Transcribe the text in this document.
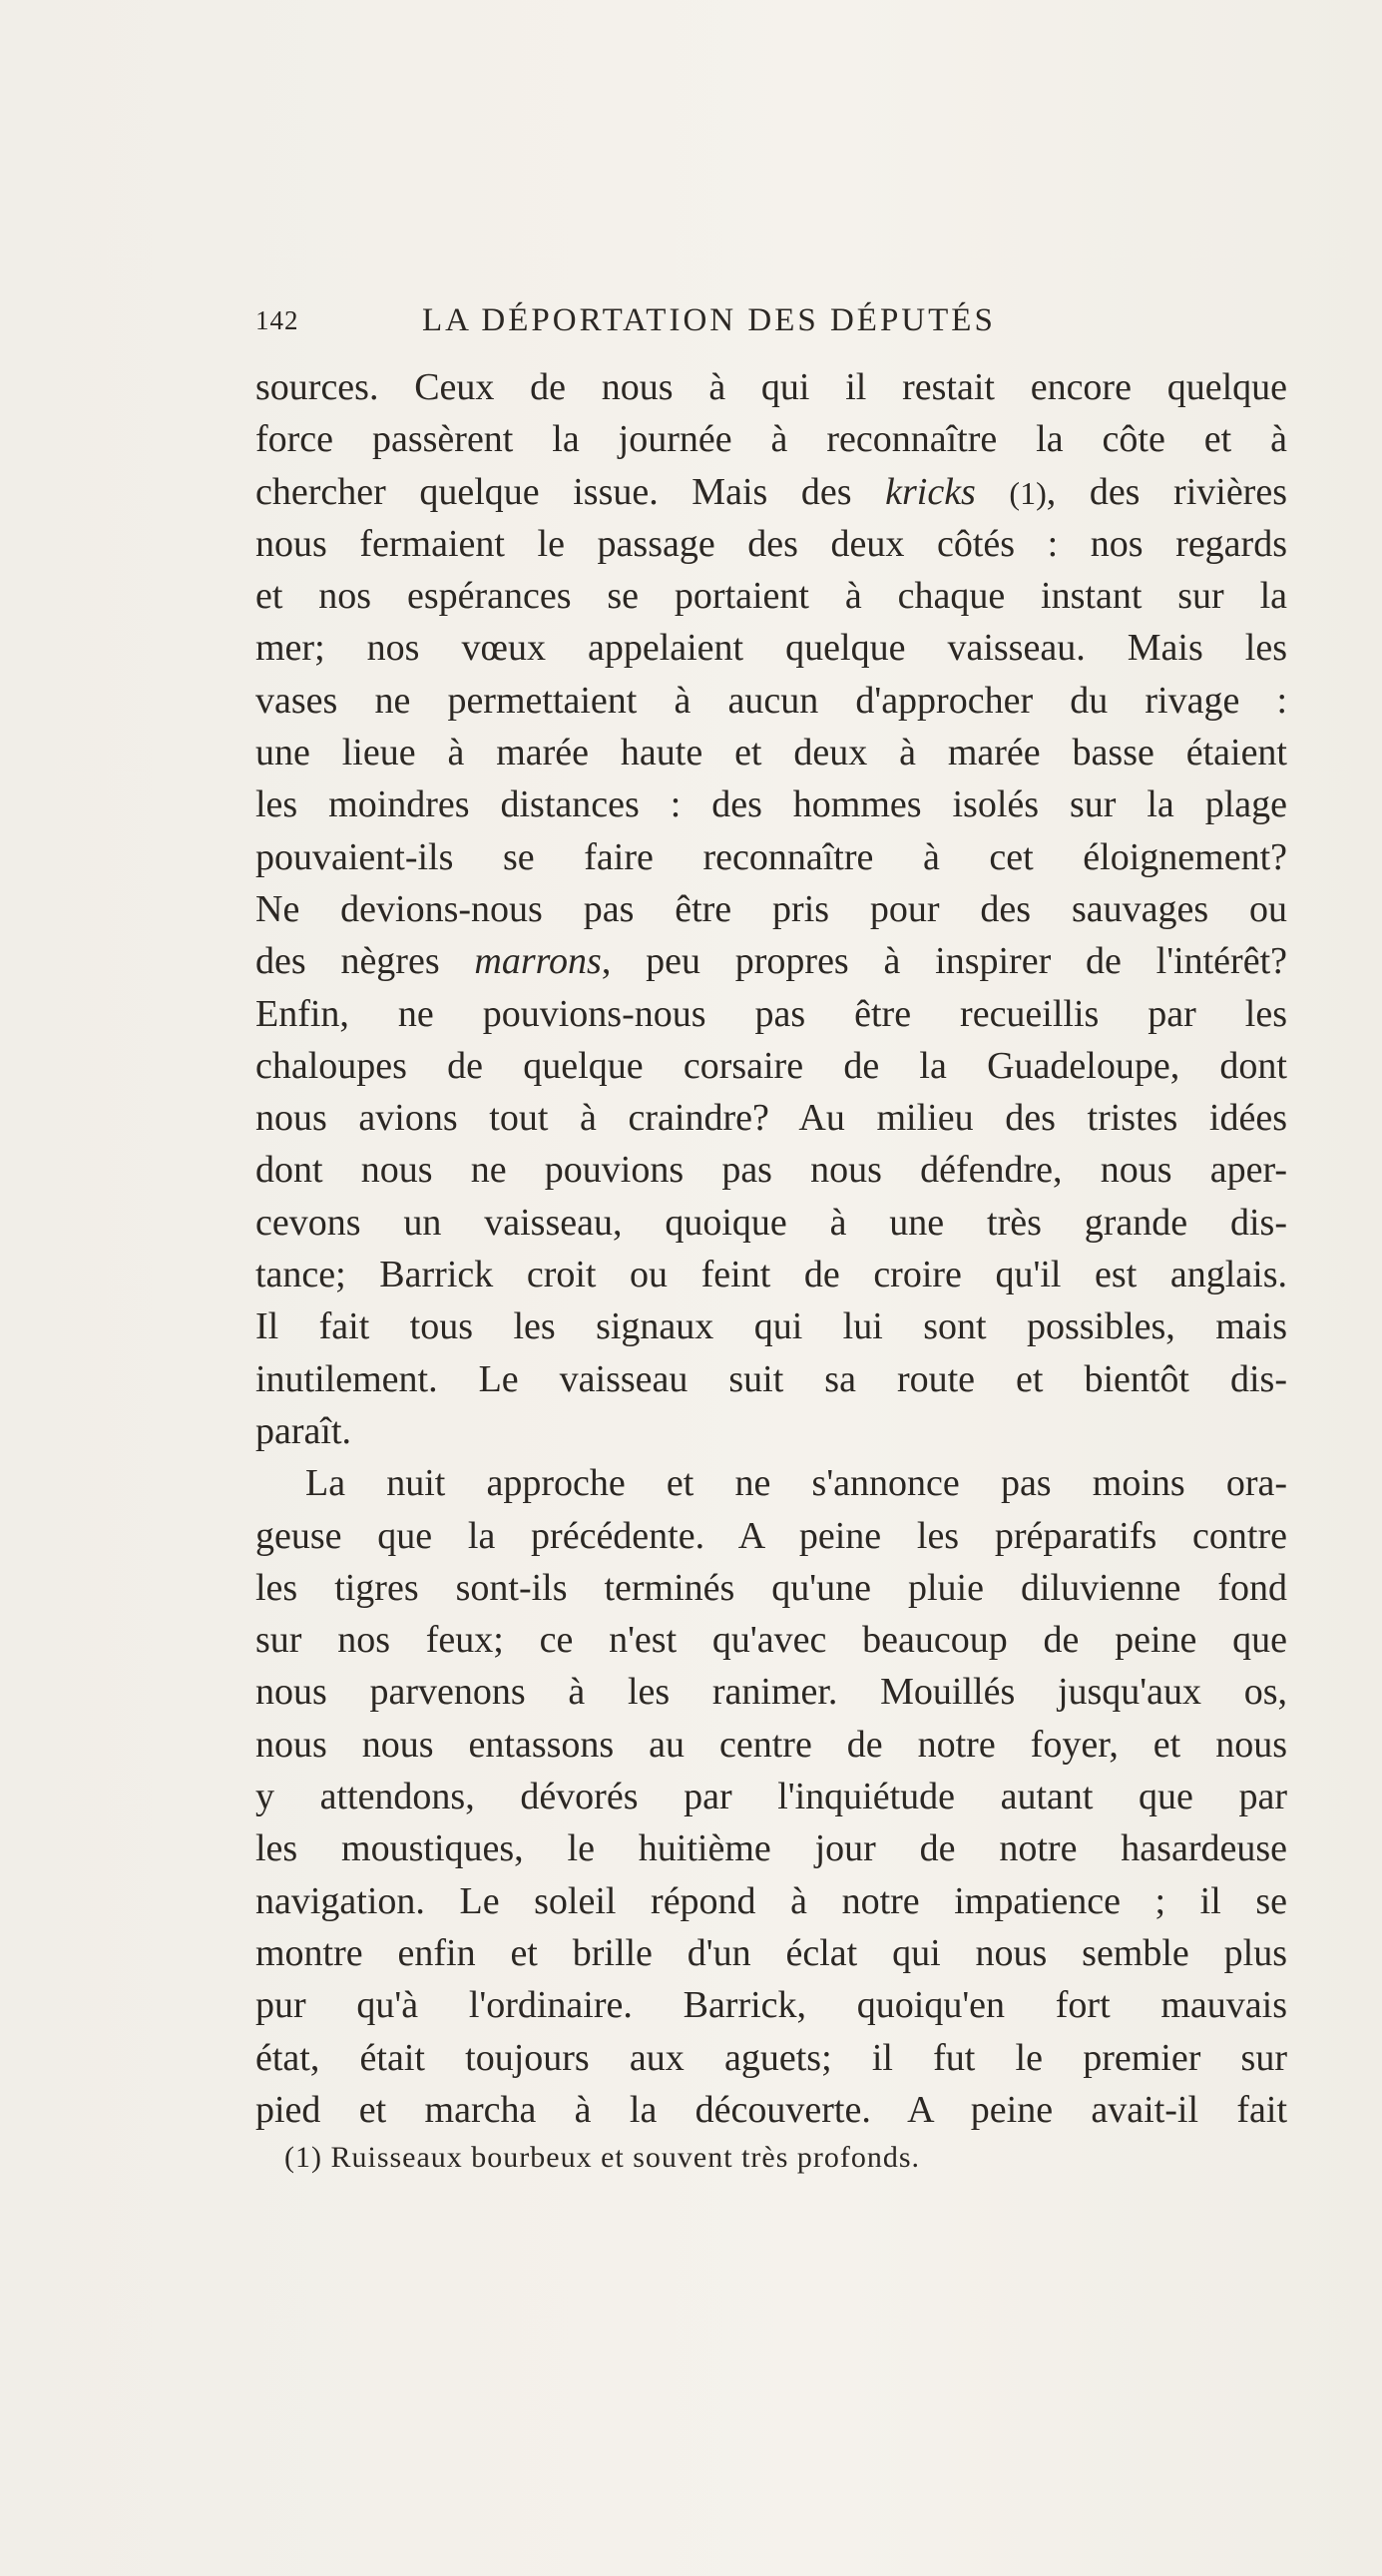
142	LA DÉPORTATION DES DÉPUTÉS
sources. Ceux de nous à qui il restait encore quelque
force passèrent la journée à reconnaître la côte et à
chercher quelque issue. Mais des kricks (1), des rivières
nous fermaient le passage des deux côtés : nos regards
et nos espérances se portaient à chaque instant sur la
mer; nos vœux appelaient quelque vaisseau. Mais les
vases ne permettaient à aucun d'approcher du rivage :
une lieue à marée haute et deux à marée basse étaient
les moindres distances : des hommes isolés sur la plage
pouvaient-ils se faire reconnaître à cet éloignement?
Ne devions-nous pas être pris pour des sauvages ou
des nègres marrons, peu propres à inspirer de l'intérêt?
Enfin, ne pouvions-nous pas être recueillis par les
chaloupes de quelque corsaire de la Guadeloupe, dont
nous avions tout à craindre? Au milieu des tristes idées
dont nous ne pouvions pas nous défendre, nous aper-
cevons un vaisseau, quoique à une très grande dis-
tance; Barrick croit ou feint de croire qu'il est anglais.
Il fait tous les signaux qui lui sont possibles, mais
inutilement. Le vaisseau suit sa route et bientôt dis-
paraît.
La nuit approche et ne s'annonce pas moins ora-
geuse que la précédente. A peine les préparatifs contre
les tigres sont-ils terminés qu'une pluie diluvienne fond
sur nos feux; ce n'est qu'avec beaucoup de peine que
nous parvenons à les ranimer. Mouillés jusqu'aux os,
nous nous entassons au centre de notre foyer, et nous
y attendons, dévorés par l'inquiétude autant que par
les moustiques, le huitième jour de notre hasardeuse
navigation. Le soleil répond à notre impatience ; il se
montre enfin et brille d'un éclat qui nous semble plus
pur qu'à l'ordinaire. Barrick, quoiqu'en fort mauvais
état, était toujours aux aguets; il fut le premier sur
pied et marcha à la découverte. A peine avait-il fait
(1) Ruisseaux bourbeux et souvent très profonds.
